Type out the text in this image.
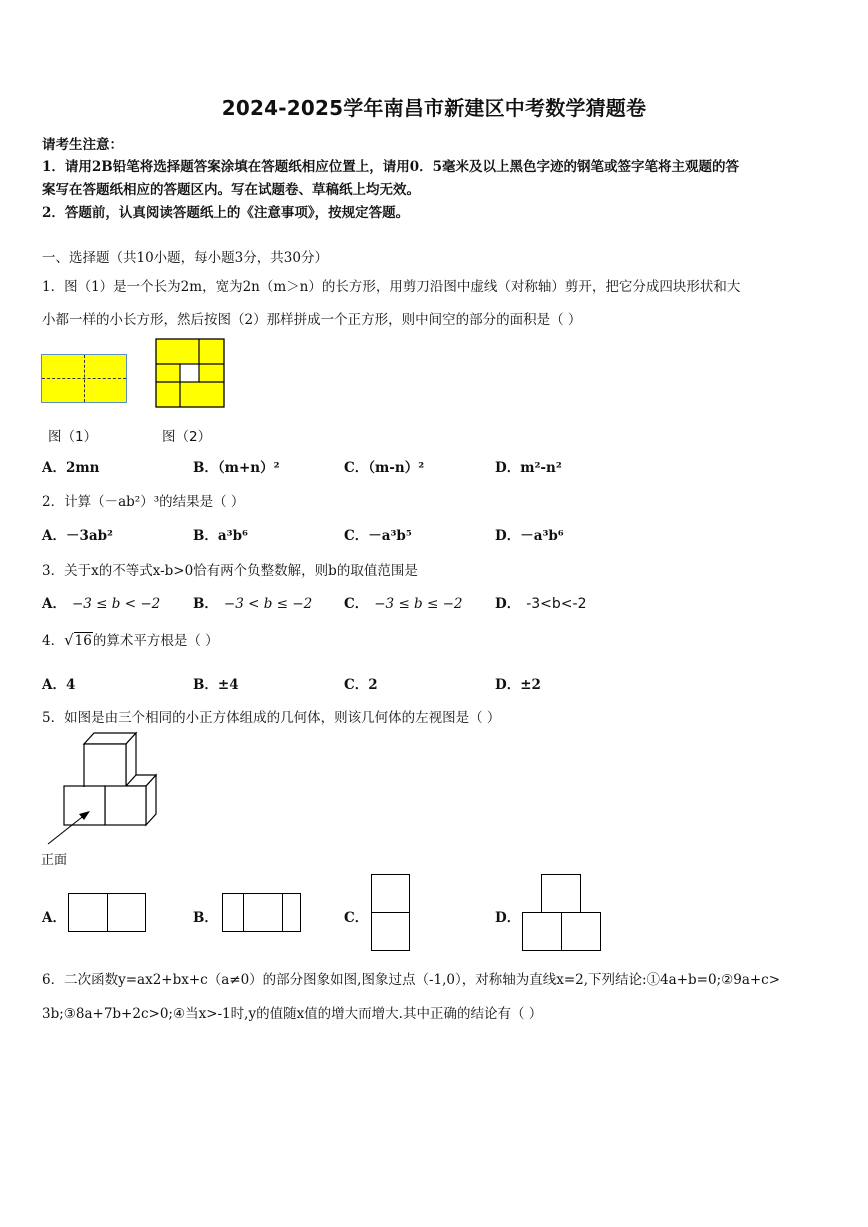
2024-2025学年南昌市新建区中考数学猜题卷
请考生注意：
1．请用2B铅笔将选择题答案涂填在答题纸相应位置上，请用0．5毫米及以上黑色字迹的钢笔或签字笔将主观题的答
案写在答题纸相应的答题区内。写在试题卷、草稿纸上均无效。
2．答题前，认真阅读答题纸上的《注意事项》，按规定答题。
一、选择题（共10小题，每小题3分，共30分）
1．图（1）是一个长为2m，宽为2n（m＞n）的长方形，用剪刀沿图中虚线（对称轴）剪开，把它分成四块形状和大
小都一样的小长方形，然后按图（2）那样拼成一个正方形，则中间空的部分的面积是（ ）
图（1）	图（2）
A．2mn	B．（m+n）²	C．（m-n）²	D．m²-n²
2．计算（－ab²）³的结果是（ ）
A．－3ab²	B．a³b⁶	C．－a³b⁵	D．－a³b⁶
3．关于x的不等式x-b>0恰有两个负整数解，则b的取值范围是
A． −3 ≤ b < −2 B． −3 < b ≤ −2 C． −3 ≤ b ≤ −2 D． -3<b<-2
4．√16的算术平方根是（ ）
A．4	B．±4	C．2	D．±2
5．如图是由三个相同的小正方体组成的几何体，则该几何体的左视图是（ ）
正面
A．	B．	C．	D．
6．二次函数y=ax2+bx+c（a≠0）的部分图象如图,图象过点（-1,0），对称轴为直线x=2,下列结论:①4a+b=0;②9a+c>
3b;③8a+7b+2c>0;④当x>-1时,y的值随x值的增大而增大.其中正确的结论有（ ）
